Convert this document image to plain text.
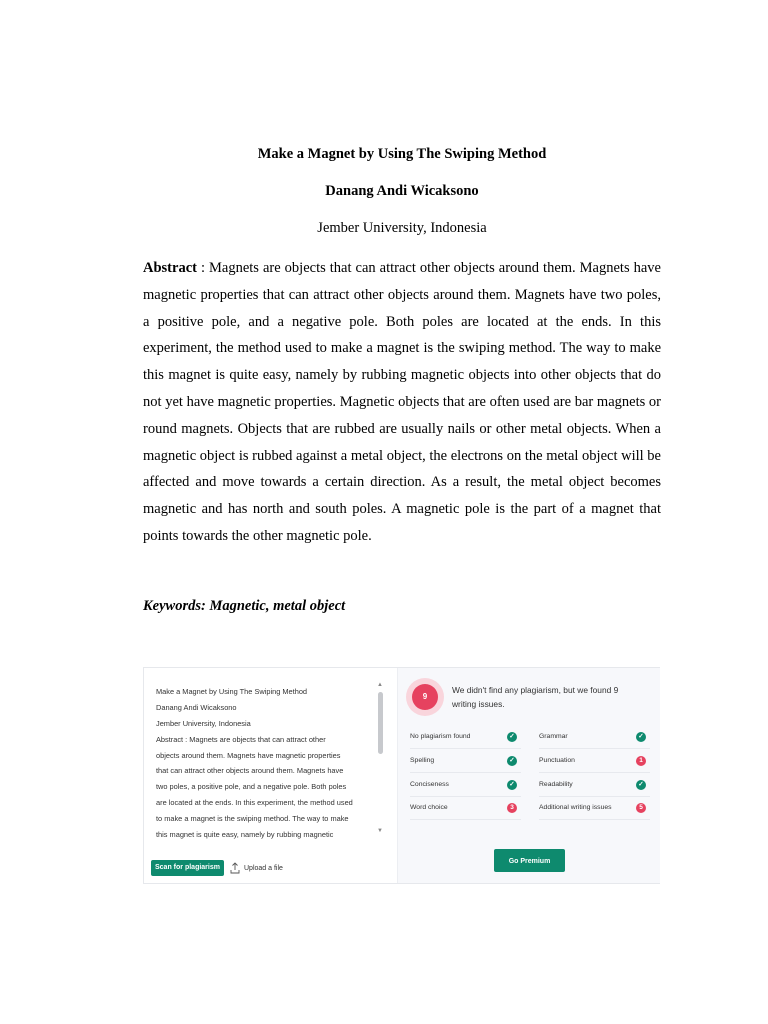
Make a Magnet by Using The Swiping Method
Danang Andi Wicaksono
Jember University, Indonesia

Abstract : Magnets are objects that can attract other objects around them. Magnets have magnetic properties that can attract other objects around them. Magnets have two poles, a positive pole, and a negative pole. Both poles are located at the ends. In this experiment, the method used to make a magnet is the swiping method. The way to make this magnet is quite easy, namely by rubbing magnetic objects into other objects that do not yet have magnetic properties. Magnetic objects that are often used are bar magnets or round magnets. Objects that are rubbed are usually nails or other metal objects. When a magnetic object is rubbed against a metal object, the electrons on the metal object will be affected and move towards a certain direction. As a result, the metal object becomes magnetic and has north and south poles. A magnetic pole is the part of a magnet that points towards the other magnetic pole.

Keywords: Magnetic, metal object
Make a Magnet by Using The Swiping Method
Danang Andi Wicaksono
Jember University, Indonesia
Abstract : Magnets are objects that can attract other
objects around them. Magnets have magnetic properties
that can attract other objects around them. Magnets have
two poles, a positive pole, and a negative pole. Both poles
are located at the ends. In this experiment, the method used
to make a magnet is the swiping method. The way to make
this magnet is quite easy, namely by rubbing magnetic
▲
▼
Scan for plagiarism	Upload a file
9
We didn't find any plagiarism, but we found 9 writing issues.
No plagiarism found	✓	Grammar	✓
Spelling	✓	Punctuation	1
Conciseness	✓	Readability	✓
Word choice	3	Additional writing issues	5
Go Premium
